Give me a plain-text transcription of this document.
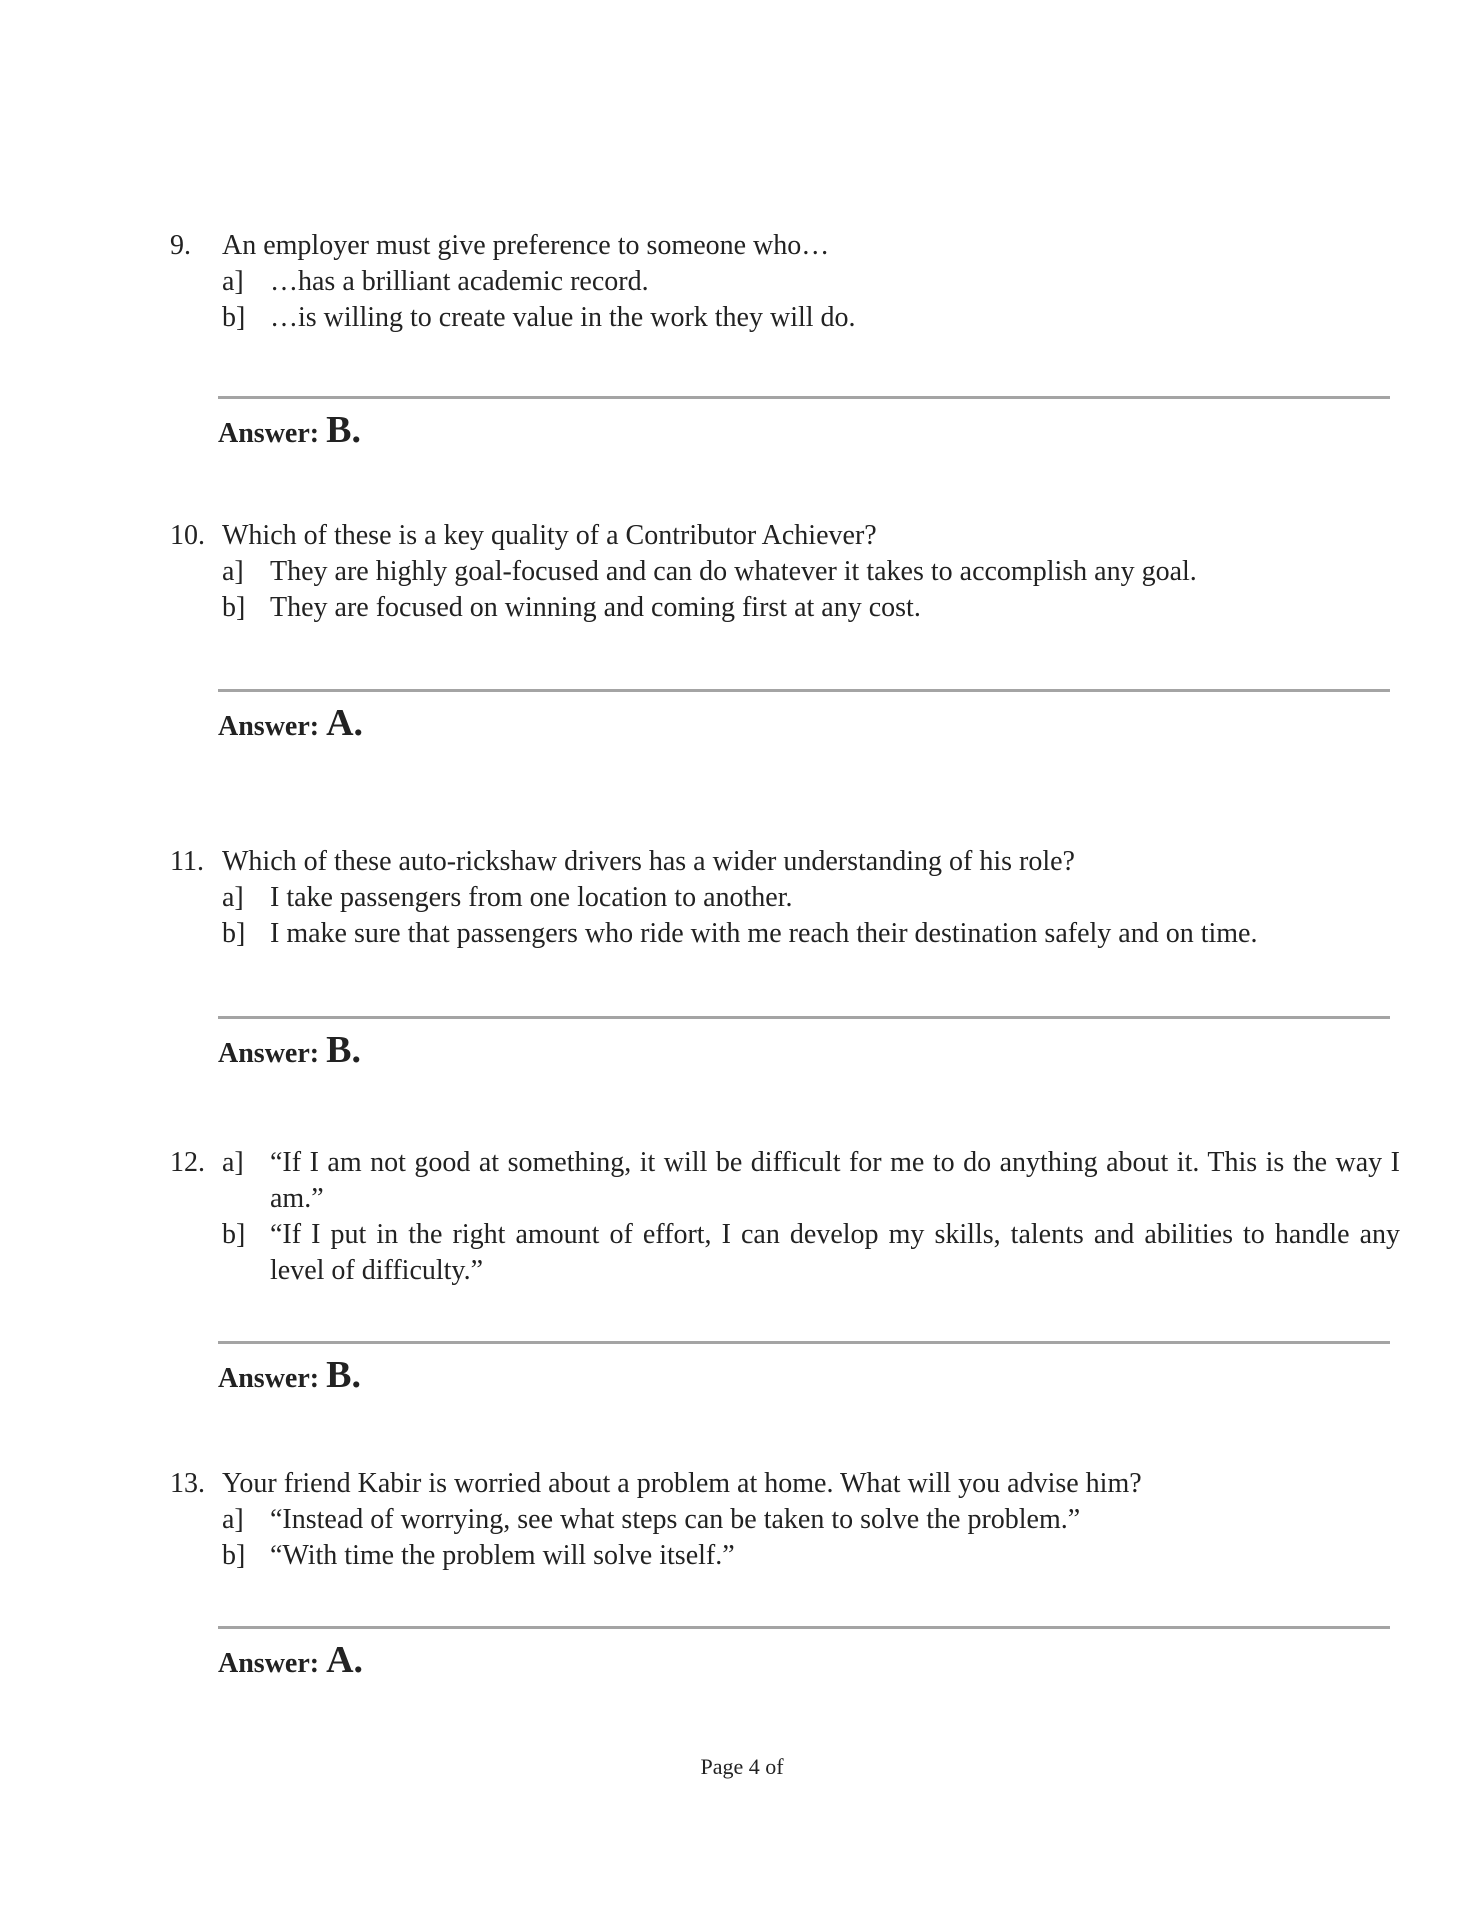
9. An employer must give preference to someone who…
a] …has a brilliant academic record.
b] …is willing to create value in the work they will do.
Answer: B.
10. Which of these is a key quality of a Contributor Achiever?
a] They are highly goal-focused and can do whatever it takes to accomplish any goal.
b] They are focused on winning and coming first at any cost.
Answer: A.
11. Which of these auto-rickshaw drivers has a wider understanding of his role?
a] I take passengers from one location to another.
b] I make sure that passengers who ride with me reach their destination safely and on time.
Answer: B.
12. a] “If I am not good at something, it will be difficult for me to do anything about it. This is the way I am.”
b] “If I put in the right amount of effort, I can develop my skills, talents and abilities to handle any level of difficulty.”
Answer: B.
13. Your friend Kabir is worried about a problem at home. What will you advise him?
a] “Instead of worrying, see what steps can be taken to solve the problem.”
b] “With time the problem will solve itself.”
Answer: A.
Page 4 of
